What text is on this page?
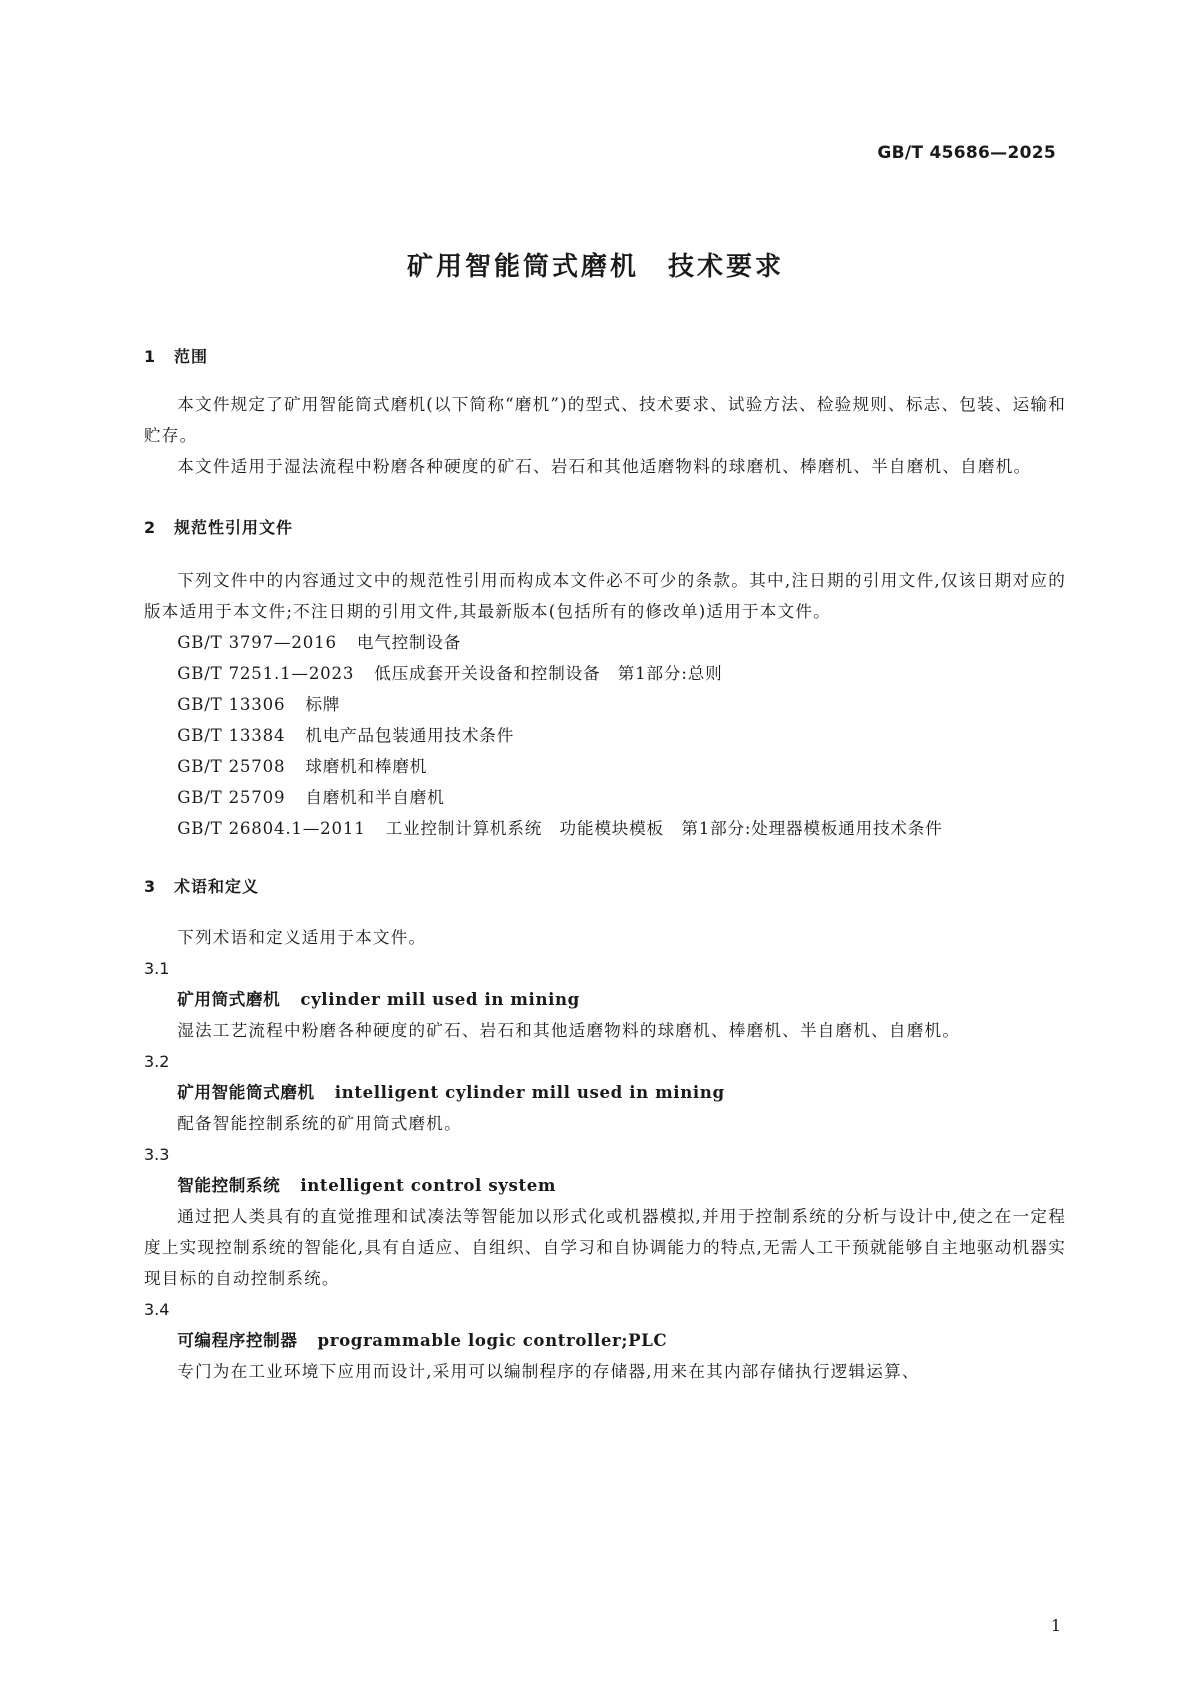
GB/T 45686—2025
矿用智能筒式磨机　技术要求
1 范围
本文件规定了矿用智能筒式磨机(以下简称“磨机”)的型式、技术要求、试验方法、检验规则、标志、包装、运输和贮存。
本文件适用于湿法流程中粉磨各种硬度的矿石、岩石和其他适磨物料的球磨机、棒磨机、半自磨机、自磨机。
2 规范性引用文件
下列文件中的内容通过文中的规范性引用而构成本文件必不可少的条款。其中,注日期的引用文件,仅该日期对应的版本适用于本文件;不注日期的引用文件,其最新版本(包括所有的修改单)适用于本文件。
GB/T 3797—2016 电气控制设备
GB/T 7251.1—2023 低压成套开关设备和控制设备　第1部分:总则
GB/T 13306 标牌
GB/T 13384 机电产品包装通用技术条件
GB/T 25708 球磨机和棒磨机
GB/T 25709 自磨机和半自磨机
GB/T 26804.1—2011 工业控制计算机系统　功能模块模板　第1部分:处理器模板通用技术条件
3 术语和定义
下列术语和定义适用于本文件。
3.1
矿用筒式磨机 cylinder mill used in mining
湿法工艺流程中粉磨各种硬度的矿石、岩石和其他适磨物料的球磨机、棒磨机、半自磨机、自磨机。
3.2
矿用智能筒式磨机 intelligent cylinder mill used in mining
配备智能控制系统的矿用筒式磨机。
3.3
智能控制系统 intelligent control system
通过把人类具有的直觉推理和试凑法等智能加以形式化或机器模拟,并用于控制系统的分析与设计中,使之在一定程度上实现控制系统的智能化,具有自适应、自组织、自学习和自协调能力的特点,无需人工干预就能够自主地驱动机器实现目标的自动控制系统。
3.4
可编程序控制器 programmable logic controller;PLC
专门为在工业环境下应用而设计,采用可以编制程序的存储器,用来在其内部存储执行逻辑运算、
1
